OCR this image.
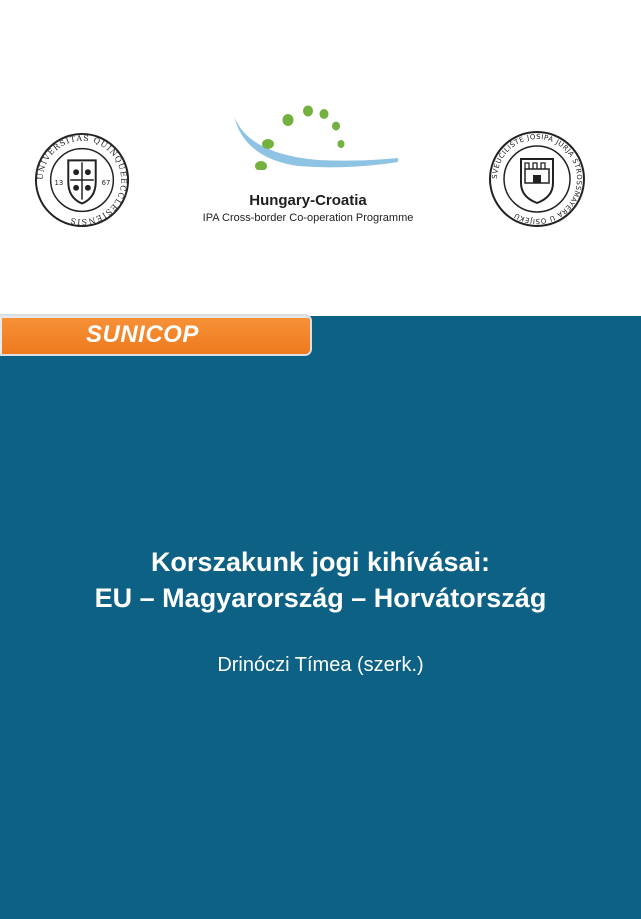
13	67
UNIVERSITAS QUINQUEECCLESIENSIS
Hungary-Croatia
IPA Cross-border Co-operation Programme
SVEUČILIŠTE JOSIPA JURJA STROSSMAYERA U OSIJEKU
SUNICOP
Korszakunk jogi kihívásai:
EU – Magyarország – Horvátország
Drinóczi Tímea (szerk.)
